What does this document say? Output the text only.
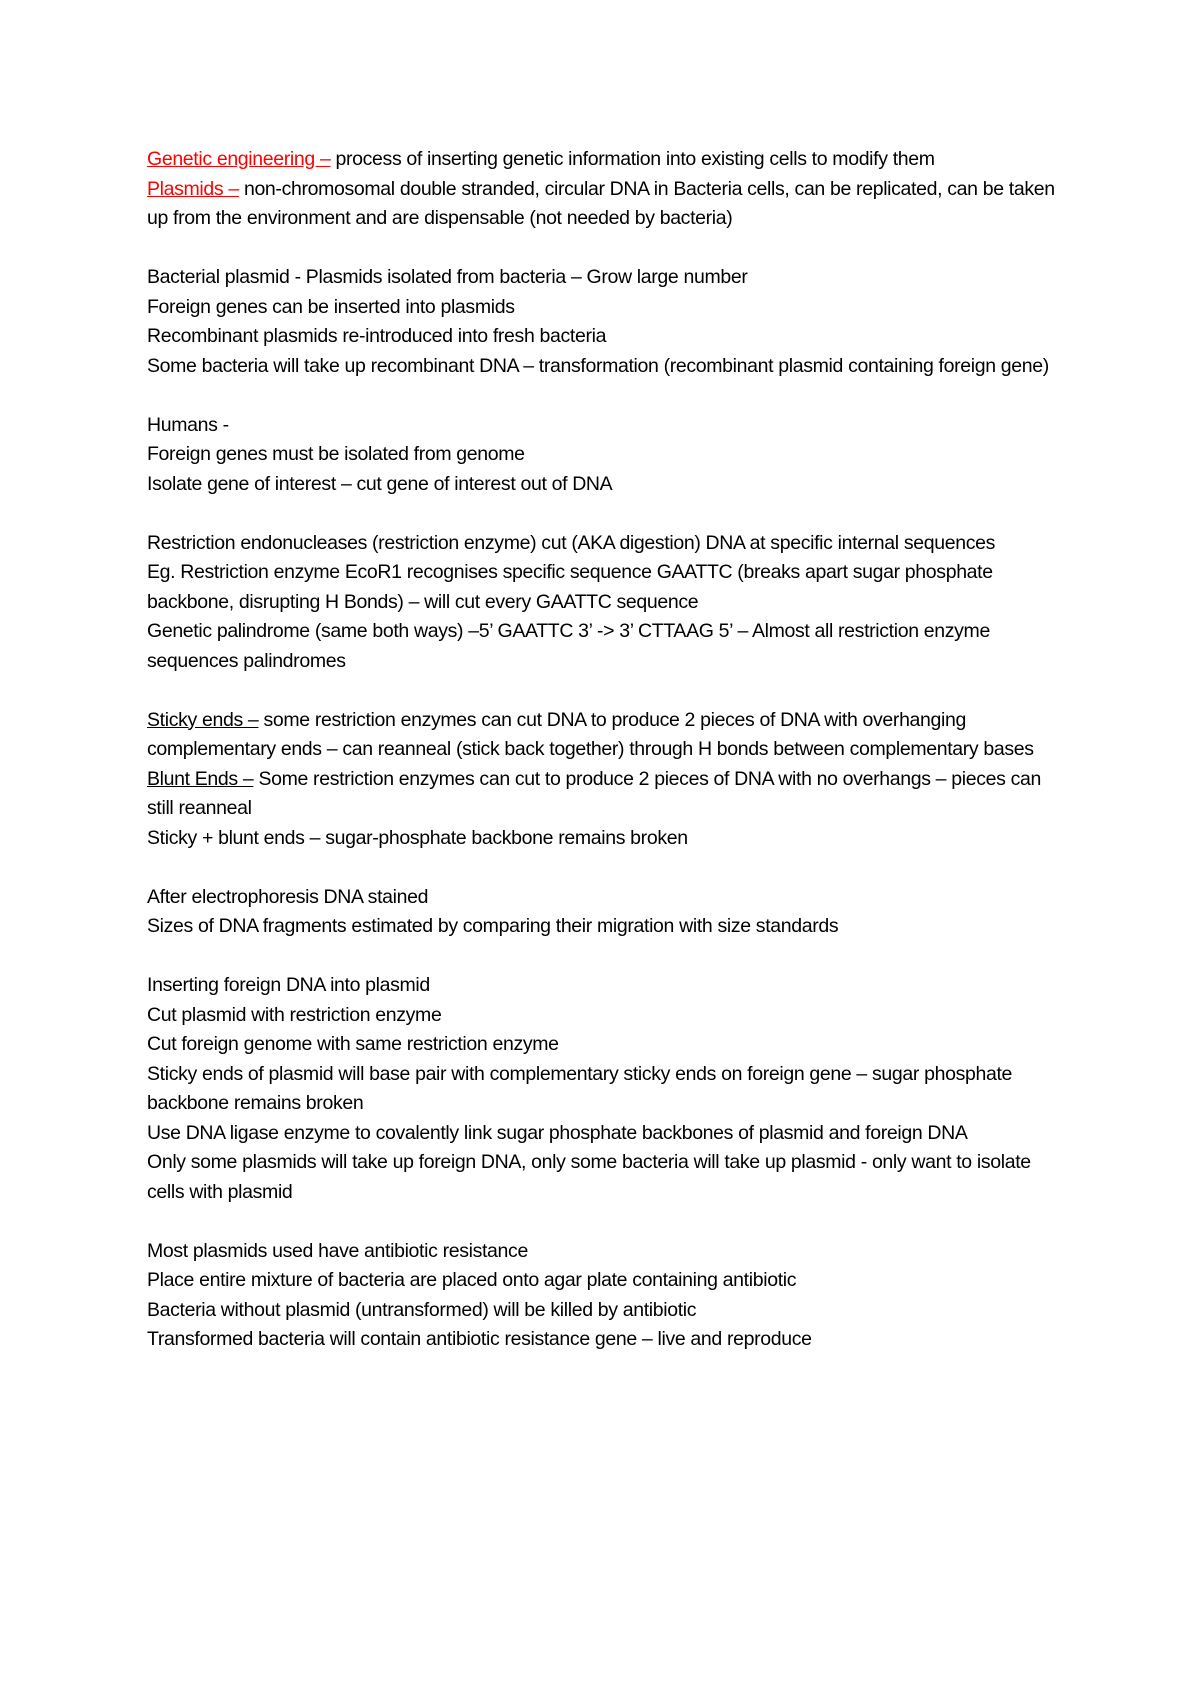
Genetic engineering – process of inserting genetic information into existing cells to modify them

Plasmids – non-chromosomal double stranded, circular DNA in Bacteria cells, can be replicated, can be taken up from the environment and are dispensable (not needed by bacteria)

Bacterial plasmid - Plasmids isolated from bacteria – Grow large number

Foreign genes can be inserted into plasmids

Recombinant plasmids re-introduced into fresh bacteria

Some bacteria will take up recombinant DNA – transformation (recombinant plasmid containing foreign gene)

Humans -

Foreign genes must be isolated from genome

Isolate gene of interest – cut gene of interest out of DNA

Restriction endonucleases (restriction enzyme) cut (AKA digestion) DNA at specific internal sequences

Eg. Restriction enzyme EcoR1 recognises specific sequence GAATTC (breaks apart sugar phosphate backbone, disrupting H Bonds) – will cut every GAATTC sequence

Genetic palindrome (same both ways) –5’ GAATTC 3’ -> 3’ CTTAAG 5’ – Almost all restriction enzyme sequences palindromes

Sticky ends – some restriction enzymes can cut DNA to produce 2 pieces of DNA with overhanging complementary ends – can reanneal (stick back together) through H bonds between complementary bases

Blunt Ends – Some restriction enzymes can cut to produce 2 pieces of DNA with no overhangs – pieces can still reanneal

Sticky + blunt ends – sugar-phosphate backbone remains broken

After electrophoresis DNA stained

Sizes of DNA fragments estimated by comparing their migration with size standards

Inserting foreign DNA into plasmid

Cut plasmid with restriction enzyme

Cut foreign genome with same restriction enzyme

Sticky ends of plasmid will base pair with complementary sticky ends on foreign gene – sugar phosphate backbone remains broken

Use DNA ligase enzyme to covalently link sugar phosphate backbones of plasmid and foreign DNA

Only some plasmids will take up foreign DNA, only some bacteria will take up plasmid - only want to isolate cells with plasmid

Most plasmids used have antibiotic resistance

Place entire mixture of bacteria are placed onto agar plate containing antibiotic

Bacteria without plasmid (untransformed) will be killed by antibiotic

Transformed bacteria will contain antibiotic resistance gene – live and reproduce
